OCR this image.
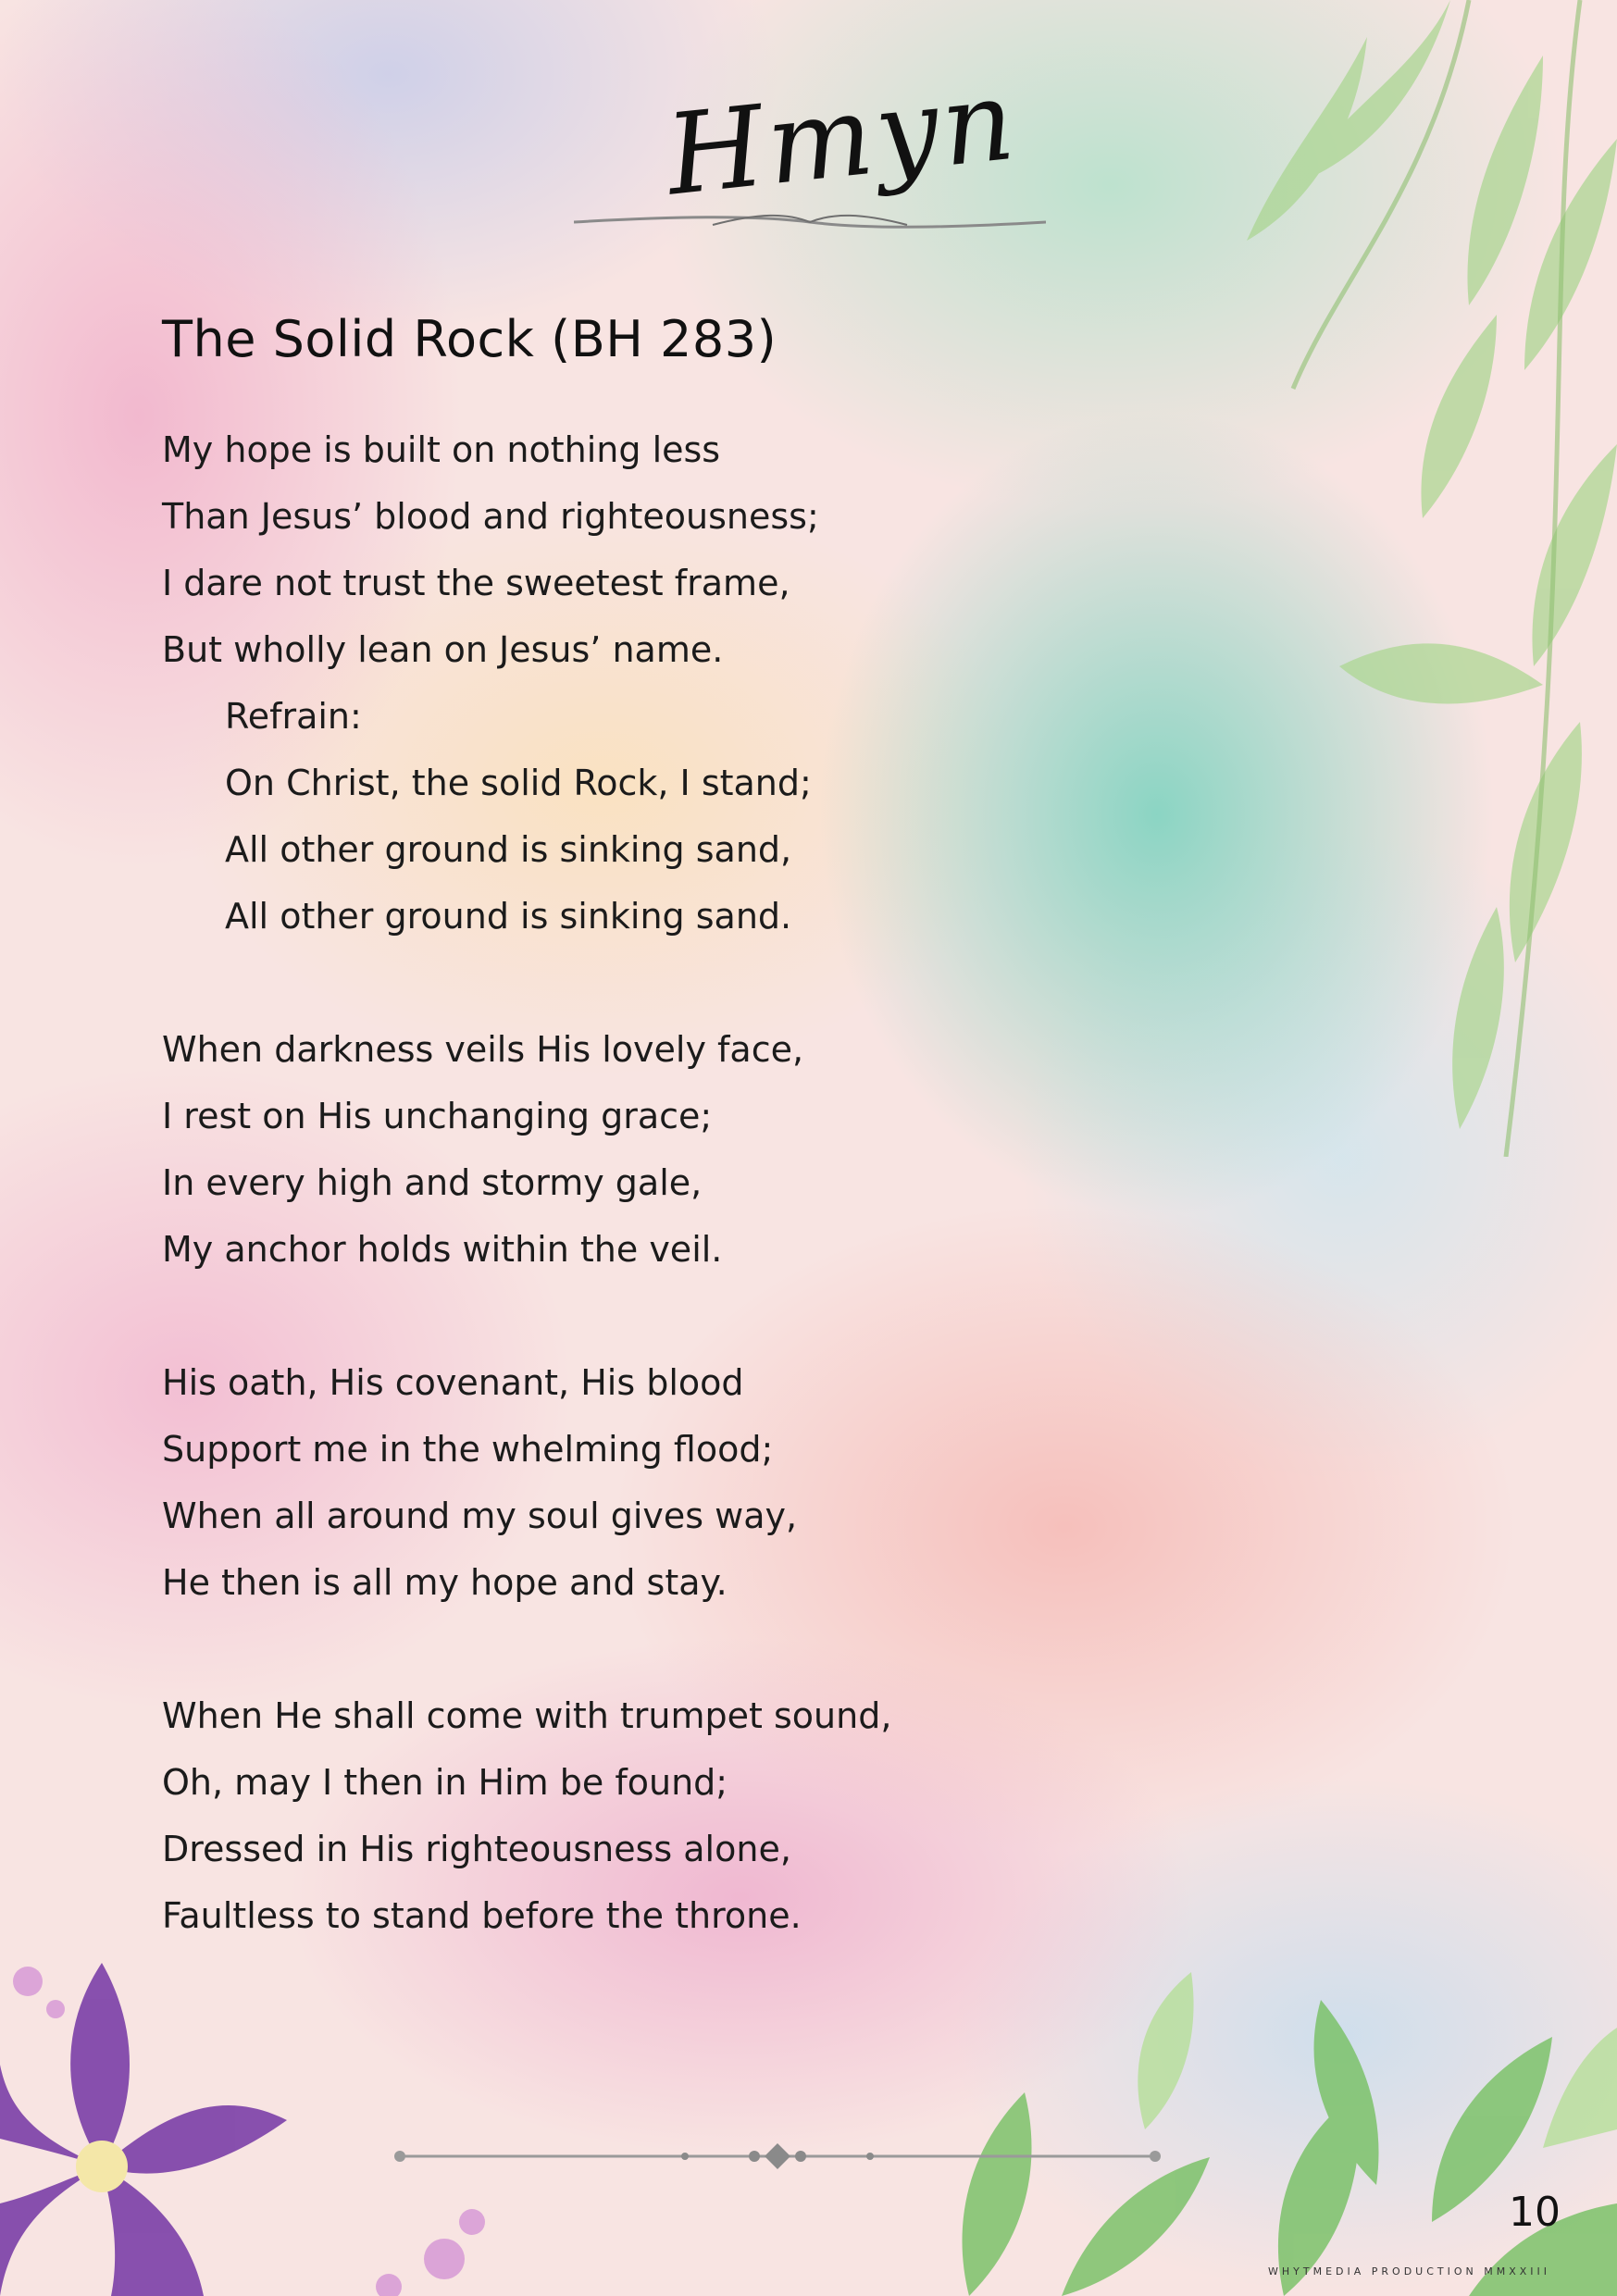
Hmyn
The Solid Rock (BH 283)
My hope is built on nothing less
Than Jesus’ blood and righteousness;
I dare not trust the sweetest frame,
But wholly lean on Jesus’ name.
Refrain:
On Christ, the solid Rock, I stand;
All other ground is sinking sand,
All other ground is sinking sand.
When darkness veils His lovely face,
I rest on His unchanging grace;
In every high and stormy gale,
My anchor holds within the veil.
His oath, His covenant, His blood
Support me in the whelming flood;
When all around my soul gives way,
He then is all my hope and stay.
When He shall come with trumpet sound,
Oh, may I then in Him be found;
Dressed in His righteousness alone,
Faultless to stand before the throne.
10
WHYTMEDIA PRODUCTION MMXXIII
